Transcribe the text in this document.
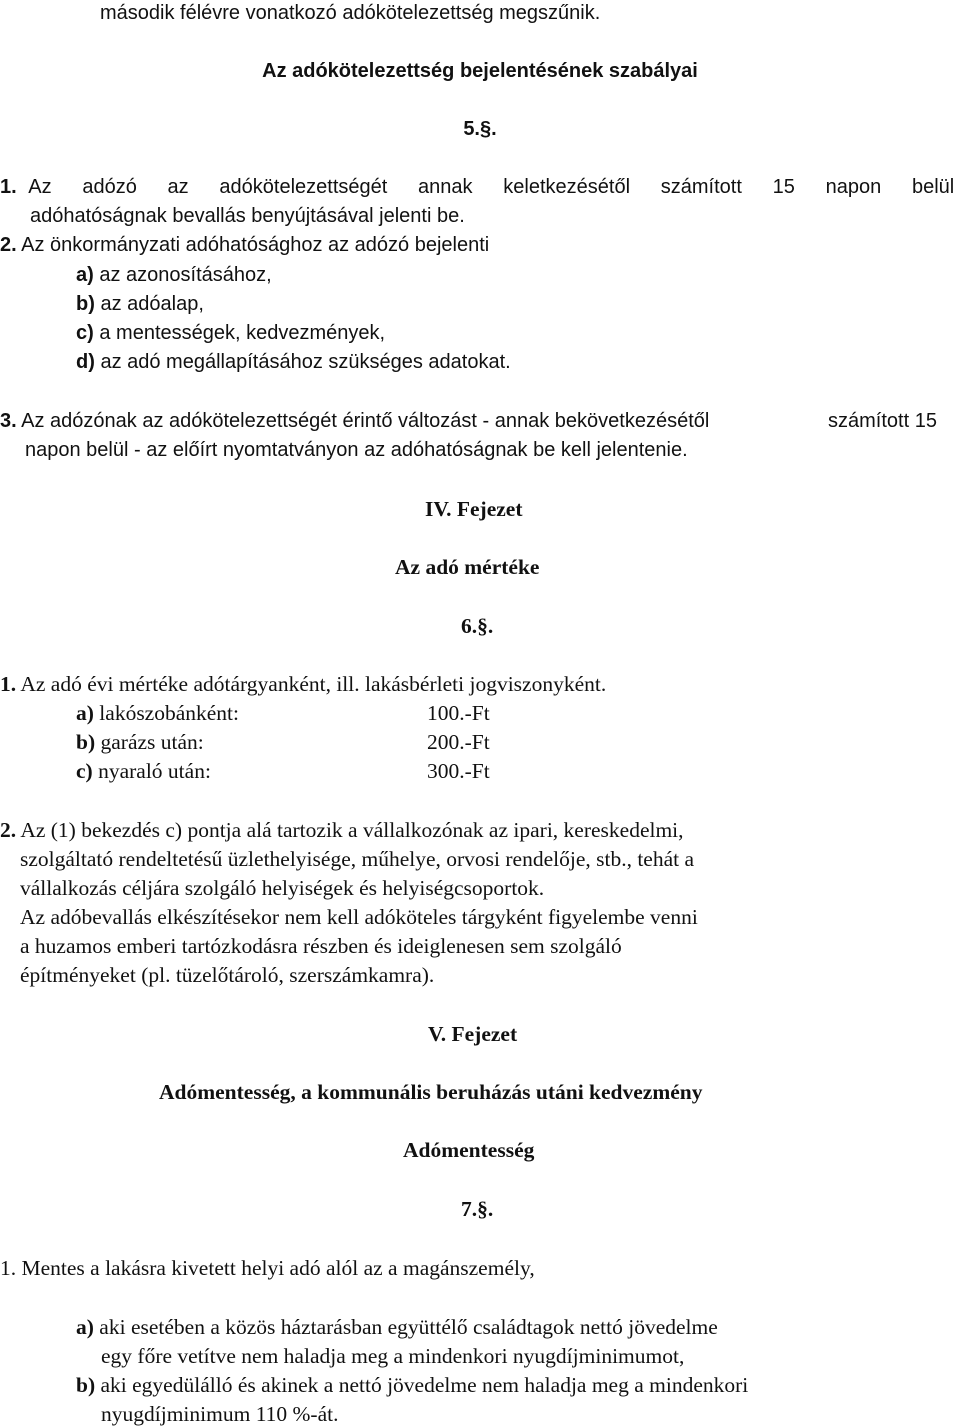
második félévre vonatkozó adókötelezettség megszűnik.
Az adókötelezettség bejelentésének szabályai
5.§.
1. Az adózó az adókötelezettségét annak keletkezésétől számított 15 napon belül
adóhatóságnak bevallás benyújtásával jelenti be.
2. Az önkormányzati adóhatósághoz az adózó bejelenti
a) az azonosításához,
b) az adóalap,
c) a mentességek, kedvezmények,
d) az adó megállapításához szükséges adatokat.
3. Az adózónak az adókötelezettségét érintő változást - annak bekövetkezésétől	számított 15
napon belül - az előírt nyomtatványon az adóhatóságnak be kell jelentenie.
IV. Fejezet
Az adó mértéke
6.§.
1. Az adó évi mértéke adótárgyanként, ill. lakásbérleti jogviszonyként.
a) lakószobánként:	100.-Ft
b) garázs után:	200.-Ft
c) nyaraló után:	300.-Ft
2. Az (1) bekezdés c) pontja alá tartozik a vállalkozónak az ipari, kereskedelmi,
szolgáltató rendeltetésű üzlethelyisége, műhelye, orvosi rendelője, stb., tehát a
vállalkozás céljára szolgáló helyiségek és helyiségcsoportok.
Az adóbevallás elkészítésekor nem kell adóköteles tárgyként figyelembe venni
a huzamos emberi tartózkodásra részben és ideiglenesen sem szolgáló
építményeket (pl. tüzelőtároló, szerszámkamra).
V. Fejezet
Adómentesség, a kommunális beruházás utáni kedvezmény
Adómentesség
7.§.
1. Mentes a lakásra kivetett helyi adó alól az a magánszemély,
a) aki esetében a közös háztarásban együttélő családtagok nettó jövedelme
egy főre vetítve nem haladja meg a mindenkori nyugdíjminimumot,
b) aki egyedülálló és akinek a nettó jövedelme nem haladja meg a mindenkori
nyugdíjminimum 110 %-át.
